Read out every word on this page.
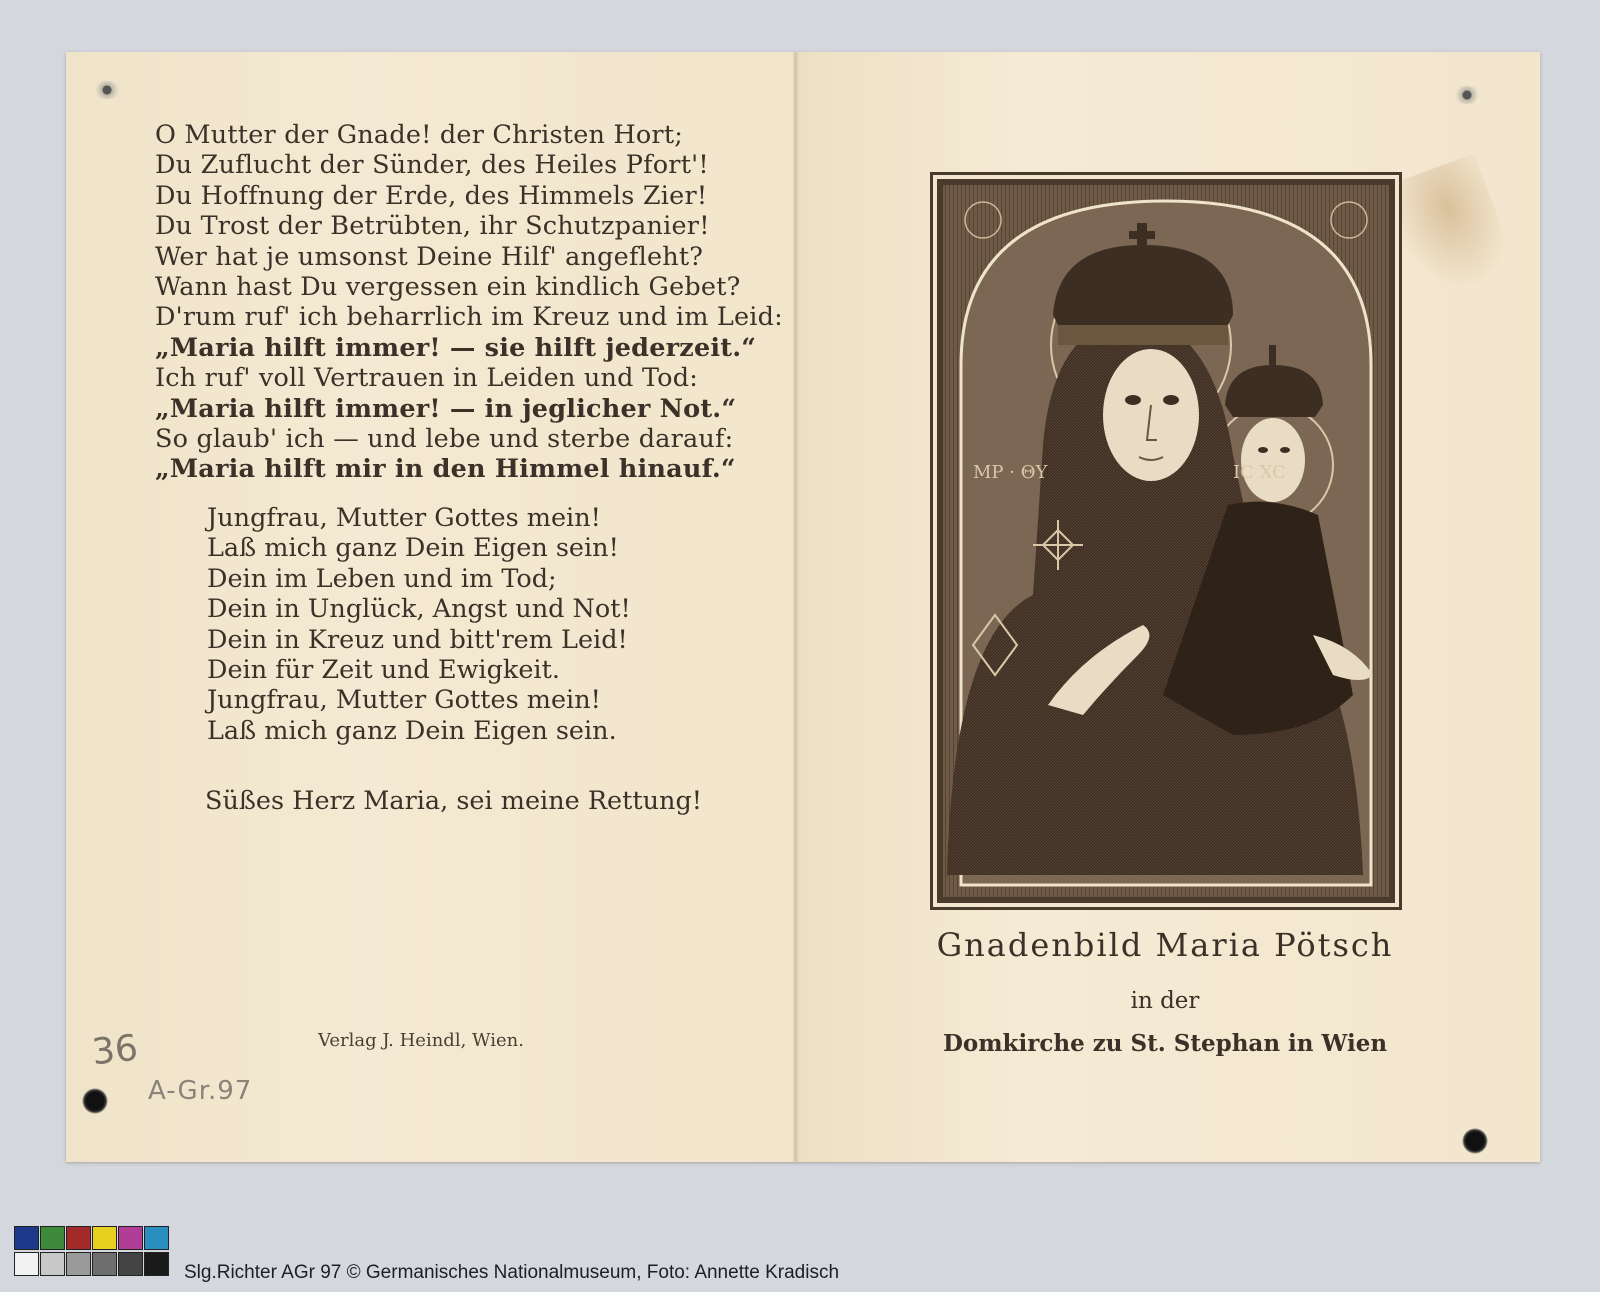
O Mutter der Gnade! der Christen Hort;
Du Zuflucht der Sünder, des Heiles Pfort'!
Du Hoffnung der Erde, des Himmels Zier!
Du Trost der Betrübten, ihr Schutzpanier!
Wer hat je umsonst Deine Hilf' angefleht?
Wann hast Du vergessen ein kindlich Gebet?
D'rum ruf' ich beharrlich im Kreuz und im Leid:
„Maria hilft immer! — sie hilft jederzeit.“
Ich ruf' voll Vertrauen in Leiden und Tod:
„Maria hilft immer! — in jeglicher Not.“
So glaub' ich — und lebe und sterbe darauf:
„Maria hilft mir in den Himmel hinauf.“
Jungfrau, Mutter Gottes mein!
Laß mich ganz Dein Eigen sein!
Dein im Leben und im Tod;
Dein in Unglück, Angst und Not!
Dein in Kreuz und bitt'rem Leid!
Dein für Zeit und Ewigkeit.
Jungfrau, Mutter Gottes mein!
Laß mich ganz Dein Eigen sein.
Süßes Herz Maria, sei meine Rettung!
Verlag J. Heindl, Wien.
36
A-Gr.97
MP · ΘΥ	IC XC
Gnadenbild Maria Pötsch
in der
Domkirche zu St. Stephan in Wien
Slg.Richter AGr 97 © Germanisches Nationalmuseum, Foto: Annette Kradisch
